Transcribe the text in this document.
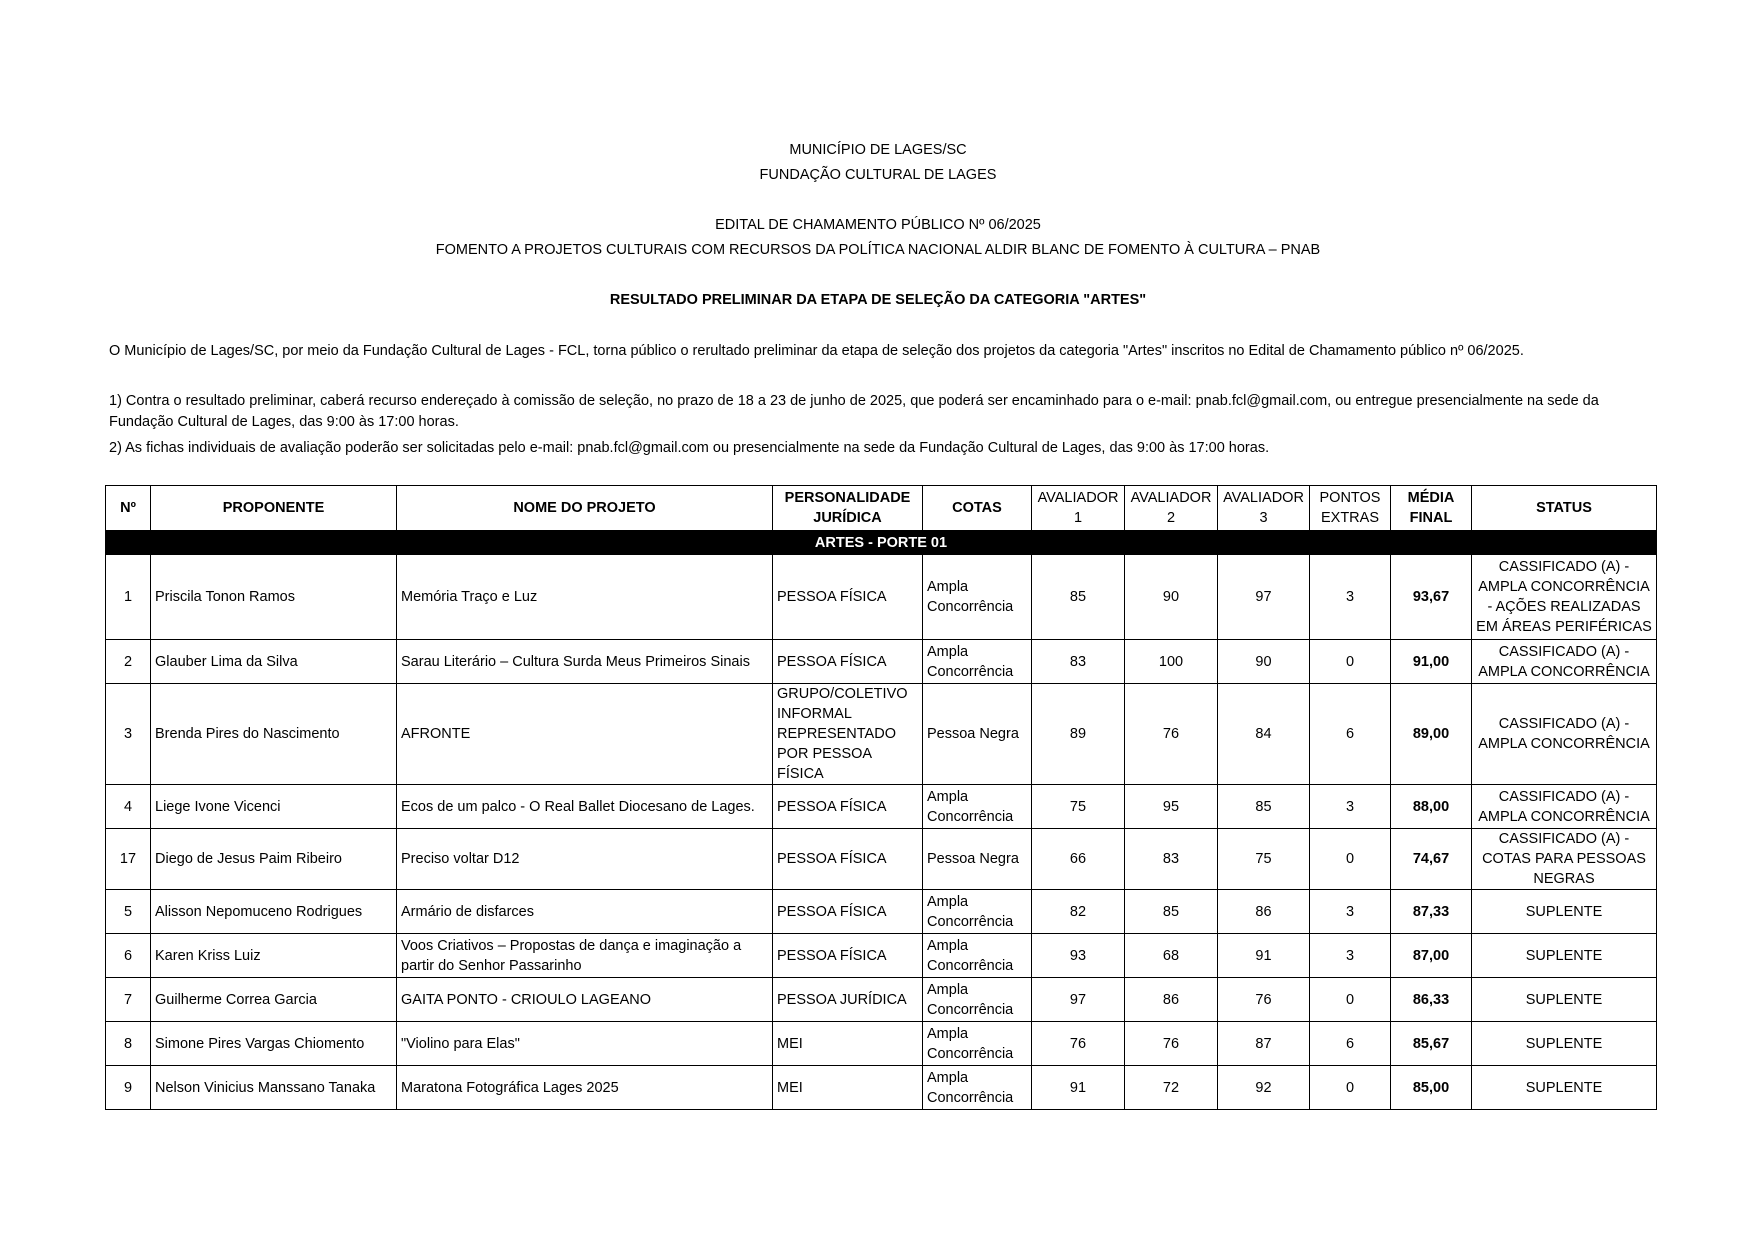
MUNICÍPIO DE LAGES/SC
FUNDAÇÃO CULTURAL DE LAGES
EDITAL DE CHAMAMENTO PÚBLICO Nº 06/2025
FOMENTO A PROJETOS CULTURAIS COM RECURSOS DA POLÍTICA NACIONAL ALDIR BLANC DE FOMENTO À CULTURA – PNAB
RESULTADO PRELIMINAR DA ETAPA DE SELEÇÃO DA CATEGORIA "ARTES"
O Município de Lages/SC, por meio da Fundação Cultural de Lages - FCL, torna público o rerultado preliminar da etapa de seleção dos projetos da categoria "Artes" inscritos no Edital de Chamamento público nº 06/2025.
1) Contra o resultado preliminar, caberá recurso endereçado à comissão de seleção, no prazo de 18 a 23 de junho de 2025, que poderá ser encaminhado para o e-mail: pnab.fcl@gmail.com, ou entregue presencialmente na sede da Fundação Cultural de Lages, das 9:00 às 17:00 horas.
2) As fichas individuais de avaliação poderão ser solicitadas pelo e-mail: pnab.fcl@gmail.com ou presencialmente na sede da Fundação Cultural de Lages, das 9:00 às 17:00 horas.
Nº	PROPONENTE	NOME DO PROJETO	PERSONALIDADE JURÍDICA	COTAS	AVALIADOR 1	AVALIADOR 2	AVALIADOR 3	PONTOS EXTRAS	MÉDIA FINAL	STATUS
ARTES - PORTE 01										
1	Priscila Tonon Ramos	Memória Traço e Luz	PESSOA FÍSICA	Ampla Concorrência	85	90	97	3	93,67	CASSIFICADO (A) - AMPLA CONCORRÊNCIA - AÇÕES REALIZADAS EM ÁREAS PERIFÉRICAS
2	Glauber Lima da Silva	Sarau Literário – Cultura Surda Meus Primeiros Sinais	PESSOA FÍSICA	Ampla Concorrência	83	100	90	0	91,00	CASSIFICADO (A) - AMPLA CONCORRÊNCIA
3	Brenda Pires do Nascimento	AFRONTE	GRUPO/COLETIVO INFORMAL REPRESENTADO POR PESSOA FÍSICA	Pessoa Negra	89	76	84	6	89,00	CASSIFICADO (A) - AMPLA CONCORRÊNCIA
4	Liege Ivone Vicenci	Ecos de um palco - O Real Ballet Diocesano de Lages.	PESSOA FÍSICA	Ampla Concorrência	75	95	85	3	88,00	CASSIFICADO (A) - AMPLA CONCORRÊNCIA
17	Diego de Jesus Paim Ribeiro	Preciso voltar D12	PESSOA FÍSICA	Pessoa Negra	66	83	75	0	74,67	CASSIFICADO (A) - COTAS PARA PESSOAS NEGRAS
5	Alisson Nepomuceno Rodrigues	Armário de disfarces	PESSOA FÍSICA	Ampla Concorrência	82	85	86	3	87,33	SUPLENTE
6	Karen Kriss Luiz	Voos Criativos – Propostas de dança e imaginação a partir do Senhor Passarinho	PESSOA FÍSICA	Ampla Concorrência	93	68	91	3	87,00	SUPLENTE
7	Guilherme Correa Garcia	GAITA PONTO - CRIOULO LAGEANO	PESSOA JURÍDICA	Ampla Concorrência	97	86	76	0	86,33	SUPLENTE
8	Simone Pires Vargas Chiomento	"Violino para Elas"	MEI	Ampla Concorrência	76	76	87	6	85,67	SUPLENTE
9	Nelson Vinicius Manssano Tanaka	Maratona Fotográfica Lages 2025	MEI	Ampla Concorrência	91	72	92	0	85,00	SUPLENTE
